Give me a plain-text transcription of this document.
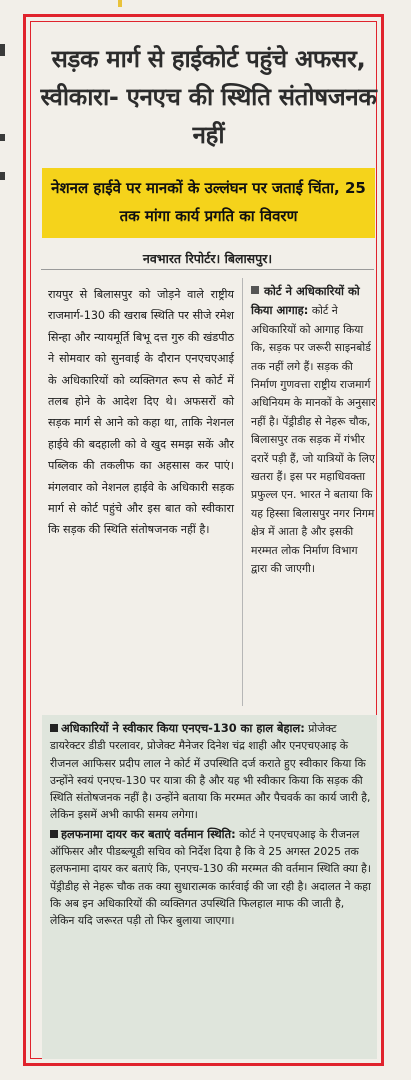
सड़क मार्ग से हाईकोर्ट पहुंचे अफसर, स्वीकारा- एनएच की स्थिति संतोषजनक नहीं
नेशनल हाईवे पर मानकों के उल्लंघन पर जताई चिंता, 25 तक मांगा कार्य प्रगति का विवरण
नवभारत रिपोर्टर। बिलासपुर।
रायपुर से बिलासपुर को जोड़ने वाले राष्ट्रीय राजमार्ग-130 की खराब स्थिति पर सीजे रमेश सिन्हा और न्यायमूर्ति बिभू दत्त गुरु की खंडपीठ ने सोमवार को सुनवाई के दौरान एनएचएआई के अधिकारियों को व्यक्तिगत रूप से कोर्ट में तलब होने के आदेश दिए थे। अफसरों को सड़क मार्ग से आने को कहा था, ताकि नेशनल हाईवे की बदहाली को वे खुद समझ सकें और पब्लिक की तकलीफ का अहसास कर पाएं। मंगलवार को नेशनल हाईवे के अधिकारी सड़क मार्ग से कोर्ट पहुंचे और इस बात को स्वीकारा कि सड़क की स्थिति संतोषजनक नहीं है।
कोर्ट ने अधिकारियों को किया आगाह: कोर्ट ने अधिकारियों को आगाह किया कि, सड़क पर जरूरी साइनबोर्ड तक नहीं लगे हैं। सड़क की निर्माण गुणवत्ता राष्ट्रीय राजमार्ग अधिनियम के मानकों के अनुसार नहीं है। पेंड्रीडीह से नेहरू चौक, बिलासपुर तक सड़क में गंभीर दरारें पड़ी हैं, जो यात्रियों के लिए खतरा हैं। इस पर महाधिवक्ता प्रफुल्ल एन. भारत ने बताया कि यह हिस्सा बिलासपुर नगर निगम क्षेत्र में आता है और इसकी मरम्मत लोक निर्माण विभाग द्वारा की जाएगी।

अधिकारियों ने स्वीकार किया एनएच-130 का हाल बेहाल: प्रोजेक्ट डायरेक्टर डीडी परलावर, प्रोजेक्ट मैनेजर दिनेश चंद्र शाही और एनएचएआइ के रीजनल आफिसर प्रदीप लाल ने कोर्ट में उपस्थिति दर्ज कराते हुए स्वीकार किया कि उन्होंने स्वयं एनएच-130 पर यात्रा की है और यह भी स्वीकार किया कि सड़क की स्थिति संतोषजनक नहीं है। उन्होंने बताया कि मरम्मत और पैचवर्क का कार्य जारी है, लेकिन इसमें अभी काफी समय लगेगा।

हलफनामा दायर कर बताएं वर्तमान स्थिति: कोर्ट ने एनएचएआइ के रीजनल ऑफिसर और पीडब्ल्यूडी सचिव को निर्देश दिया है कि वे 25 अगस्त 2025 तक हलफनामा दायर कर बताएं कि, एनएच-130 की मरम्मत की वर्तमान स्थिति क्या है। पेंड्रीडीह से नेहरू चौक तक क्या सुधारात्मक कार्रवाई की जा रही है। अदालत ने कहा कि अब इन अधिकारियों की व्यक्तिगत उपस्थिति फिलहाल माफ की जाती है, लेकिन यदि जरूरत पड़ी तो फिर बुलाया जाएगा।
